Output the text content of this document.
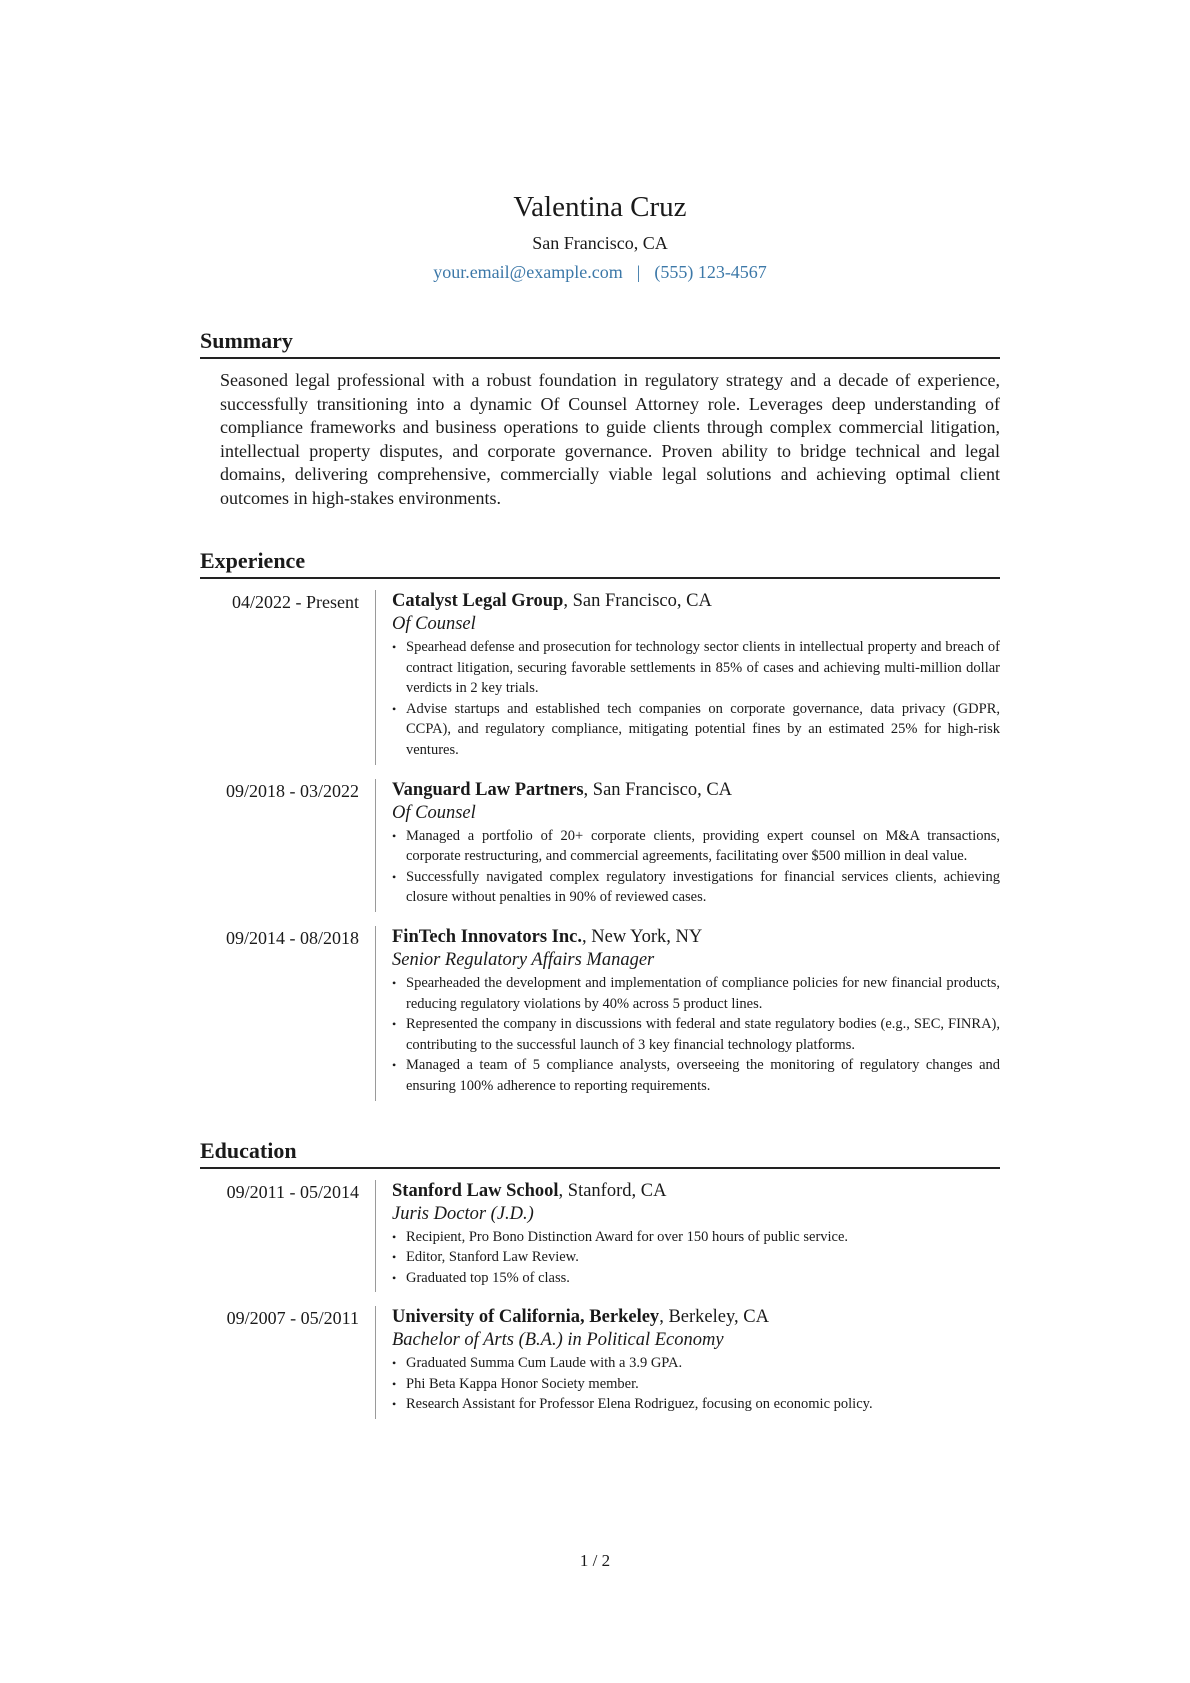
Valentina Cruz
San Francisco, CA
your.email@example.com | (555) 123-4567
Summary

Seasoned legal professional with a robust foundation in regulatory strategy and a decade of experience, successfully transitioning into a dynamic Of Counsel Attorney role. Leverages deep understanding of compliance frameworks and business operations to guide clients through complex commercial litigation, intellectual property disputes, and corporate governance. Proven ability to bridge technical and legal domains, delivering comprehensive, commercially viable legal solutions and achieving optimal client outcomes in high-stakes environments.

Experience
04/2022 - Present	Catalyst Legal Group, San Francisco, CA
Of Counsel
• Spearhead defense and prosecution for technology sector clients in intellectual property and breach of contract litigation, securing favorable settlements in 85% of cases and achieving multi-million dollar verdicts in 2 key trials.
• Advise startups and established tech companies on corporate governance, data privacy (GDPR, CCPA), and regulatory compliance, mitigating potential fines by an estimated 25% for high-risk ventures.
09/2018 - 03/2022	Vanguard Law Partners, San Francisco, CA
Of Counsel
• Managed a portfolio of 20+ corporate clients, providing expert counsel on M&A transactions, corporate restructuring, and commercial agreements, facilitating over $500 million in deal value.
• Successfully navigated complex regulatory investigations for financial services clients, achieving closure without penalties in 90% of reviewed cases.
09/2014 - 08/2018	FinTech Innovators Inc., New York, NY
Senior Regulatory Affairs Manager
• Spearheaded the development and implementation of compliance policies for new financial products, reducing regulatory violations by 40% across 5 product lines.
• Represented the company in discussions with federal and state regulatory bodies (e.g., SEC, FINRA), contributing to the successful launch of 3 key financial technology platforms.
• Managed a team of 5 compliance analysts, overseeing the monitoring of regulatory changes and ensuring 100% adherence to reporting requirements.
Education
09/2011 - 05/2014	Stanford Law School, Stanford, CA
Juris Doctor (J.D.)
• Recipient, Pro Bono Distinction Award for over 150 hours of public service.
• Editor, Stanford Law Review.
• Graduated top 15% of class.
09/2007 - 05/2011	University of California, Berkeley, Berkeley, CA
Bachelor of Arts (B.A.) in Political Economy
• Graduated Summa Cum Laude with a 3.9 GPA.
• Phi Beta Kappa Honor Society member.
• Research Assistant for Professor Elena Rodriguez, focusing on economic policy.
1 / 2
